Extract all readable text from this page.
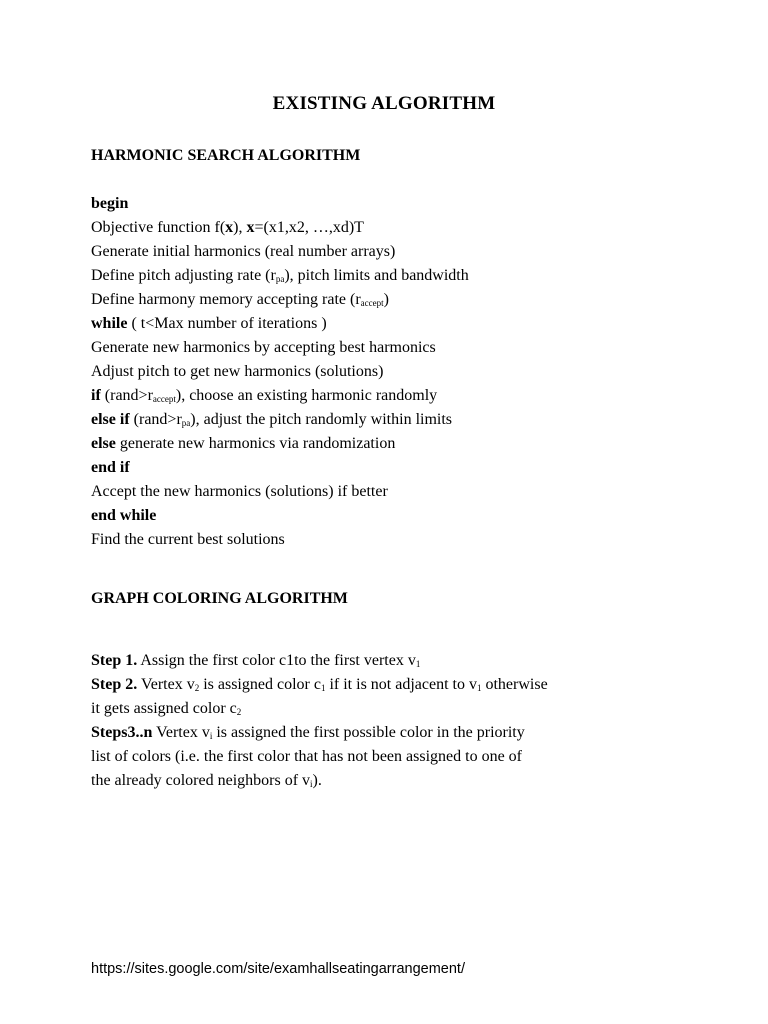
EXISTING ALGORITHM
HARMONIC SEARCH ALGORITHM
begin
Objective function f(x), x=(x1,x2, …,xd)T
Generate initial harmonics (real number arrays)
Define pitch adjusting rate $(r_{pa})$, pitch limits and bandwidth
Define harmony memory accepting rate $(r_{accept})$
while ( t<Max number of iterations )
Generate new harmonics by accepting best harmonics
Adjust pitch to get new harmonics (solutions)
if $(rand>r_{accept})$, choose an existing harmonic randomly
else if $(rand>r_{pa})$, adjust the pitch randomly within limits
else generate new harmonics via randomization
end if
Accept the new harmonics (solutions) if better
end while
Find the current best solutions
GRAPH COLORING ALGORITHM
Step 1. Assign the first color c1to the first vertex $v_1$
Step 2. Vertex $v_2$ is assigned color $c_1$ if it is not adjacent to $v_1$ otherwise
it gets assigned color $c_2$
Steps3..n Vertex $v_i$ is assigned the first possible color in the priority
list of colors (i.e. the first color that has not been assigned to one of
the already colored neighbors of $v_i$).
https://sites.google.com/site/examhallseatingarrangement/
